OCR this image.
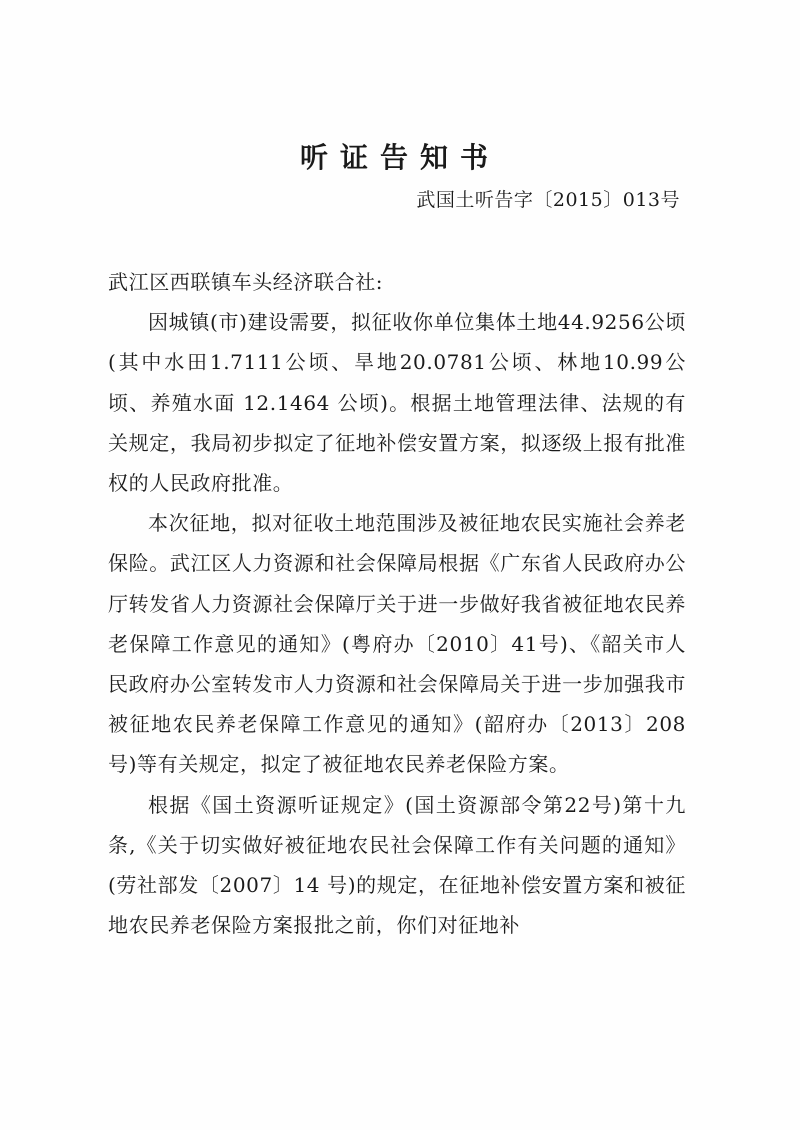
听证告知书
武国土听告字〔2015〕013号

武江区西联镇车头经济联合社:

因城镇(市)建设需要，拟征收你单位集体土地44.9256公顷(其中水田1.7111公顷、旱地20.0781公顷、林地10.99公顷、养殖水面 12.1464 公顷)。根据土地管理法律、法规的有关规定，我局初步拟定了征地补偿安置方案，拟逐级上报有批准权的人民政府批准。

本次征地，拟对征收土地范围涉及被征地农民实施社会养老保险。武江区人力资源和社会保障局根据《广东省人民政府办公厅转发省人力资源社会保障厅关于进一步做好我省被征地农民养老保障工作意见的通知》(粤府办〔2010〕41号)、《韶关市人民政府办公室转发市人力资源和社会保障局关于进一步加强我市被征地农民养老保障工作意见的通知》(韶府办〔2013〕208 号)等有关规定，拟定了被征地农民养老保险方案。

根据《国土资源听证规定》(国土资源部令第22号)第十九条,《关于切实做好被征地农民社会保障工作有关问题的通知》(劳社部发〔2007〕14 号)的规定，在征地补偿安置方案和被征地农民养老保险方案报批之前，你们对征地补
